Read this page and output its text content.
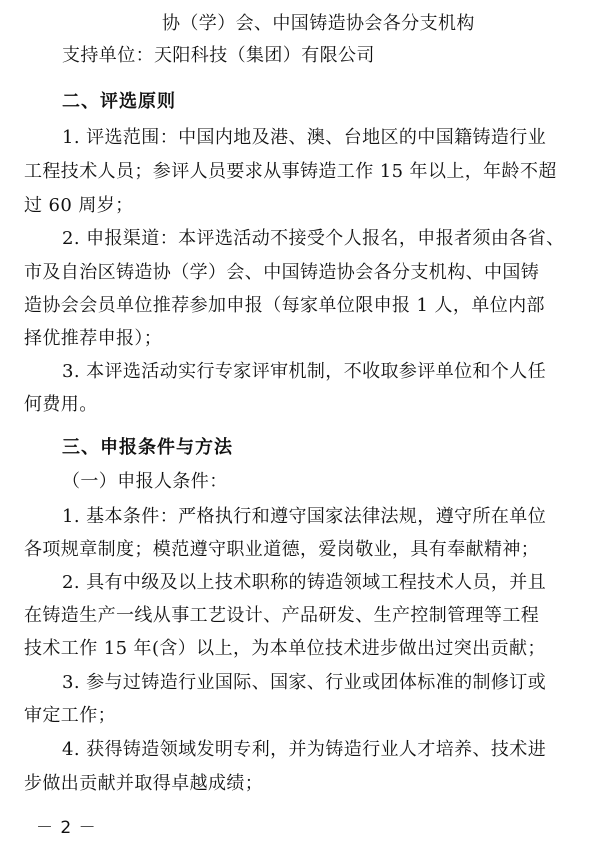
协（学）会、中国铸造协会各分支机构
支持单位：天阳科技（集团）有限公司
二、评选原则
1. 评选范围：中国内地及港、澳、台地区的中国籍铸造行业
工程技术人员；参评人员要求从事铸造工作 15 年以上，年龄不超
过 60 周岁；
2. 申报渠道：本评选活动不接受个人报名，申报者须由各省、
市及自治区铸造协（学）会、中国铸造协会各分支机构、中国铸
造协会会员单位推荐参加申报（每家单位限申报 1 人，单位内部
择优推荐申报）；
3. 本评选活动实行专家评审机制，不收取参评单位和个人任
何费用。
三、申报条件与方法
（一）申报人条件：
1. 基本条件：严格执行和遵守国家法律法规，遵守所在单位
各项规章制度；模范遵守职业道德，爱岗敬业，具有奉献精神；
2. 具有中级及以上技术职称的铸造领域工程技术人员，并且
在铸造生产一线从事工艺设计、产品研发、生产控制管理等工程
技术工作 15 年(含）以上，为本单位技术进步做出过突出贡献；
3. 参与过铸造行业国际、国家、行业或团体标准的制修订或
审定工作；
4. 获得铸造领域发明专利，并为铸造行业人才培养、技术进
步做出贡献并取得卓越成绩；
－ 2 －
